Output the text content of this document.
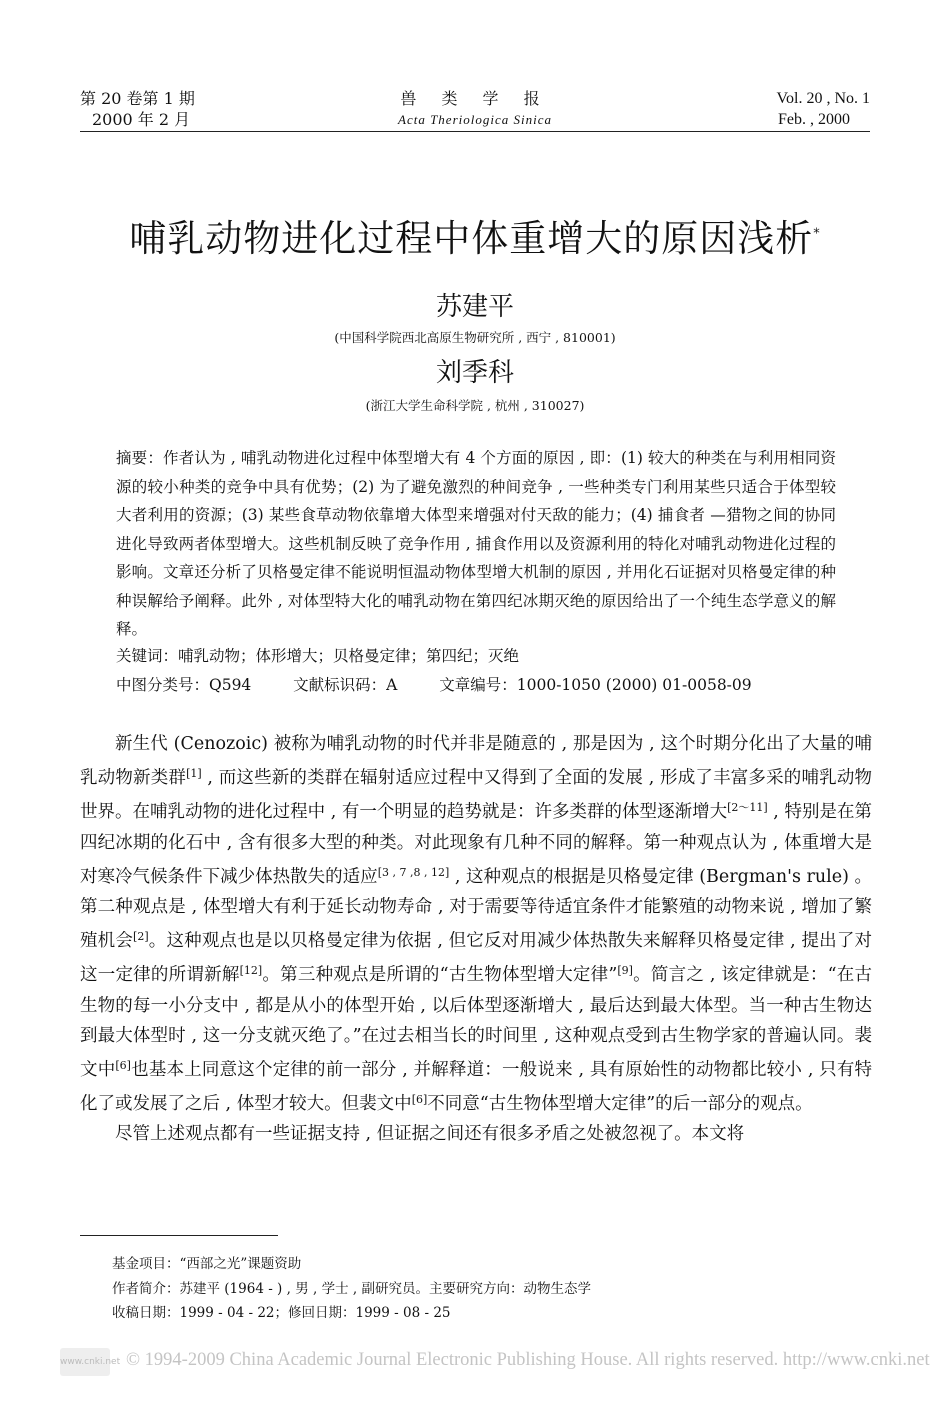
第 20 卷第 1 期
2000 年 2 月
兽 类 学 报
Acta Theriologica Sinica
Vol. 20 , No. 1
Feb. , 2000
哺乳动物进化过程中体重增大的原因浅析*
苏建平
(中国科学院西北高原生物研究所 , 西宁 , 810001)
刘季科
(浙江大学生命科学院 , 杭州 , 310027)

摘要：作者认为 , 哺乳动物进化过程中体型增大有 4 个方面的原因 , 即：(1) 较大的种类在与利用相同资源的较小种类的竞争中具有优势；(2) 为了避免激烈的种间竞争 , 一些种类专门利用某些只适合于体型较大者利用的资源；(3) 某些食草动物依靠增大体型来增强对付天敌的能力；(4) 捕食者 —猎物之间的协同进化导致两者体型增大。这些机制反映了竞争作用 , 捕食作用以及资源利用的特化对哺乳动物进化过程的影响。文章还分析了贝格曼定律不能说明恒温动物体型增大机制的原因 , 并用化石证据对贝格曼定律的种种误解给予阐释。此外 , 对体型特大化的哺乳动物在第四纪冰期灭绝的原因给出了一个纯生态学意义的解释。

关键词：哺乳动物；体形增大；贝格曼定律；第四纪；灭绝
中图分类号：Q594	文献标识码：A	文章编号：1000-1050 (2000) 01-0058-09

新生代 (Cenozoic) 被称为哺乳动物的时代并非是随意的 , 那是因为 , 这个时期分化出了大量的哺乳动物新类群[1] , 而这些新的类群在辐射适应过程中又得到了全面的发展 , 形成了丰富多采的哺乳动物世界。在哺乳动物的进化过程中 , 有一个明显的趋势就是：许多类群的体型逐渐增大[2～11] , 特别是在第四纪冰期的化石中 , 含有很多大型的种类。对此现象有几种不同的解释。第一种观点认为 , 体重增大是对寒冷气候条件下减少体热散失的适应[3 , 7 ,8 , 12] , 这种观点的根据是贝格曼定律 (Bergman's rule) 。第二种观点是 , 体型增大有利于延长动物寿命 , 对于需要等待适宜条件才能繁殖的动物来说 , 增加了繁殖机会[2]。这种观点也是以贝格曼定律为依据 , 但它反对用减少体热散失来解释贝格曼定律 , 提出了对这一定律的所谓新解[12]。第三种观点是所谓的“古生物体型增大定律”[9]。简言之 , 该定律就是：“在古生物的每一小分支中 , 都是从小的体型开始 , 以后体型逐渐增大 , 最后达到最大体型。当一种古生物达到最大体型时 , 这一分支就灭绝了。”在过去相当长的时间里 , 这种观点受到古生物学家的普遍认同。裴文中[6]也基本上同意这个定律的前一部分 , 并解释道：一般说来 , 具有原始性的动物都比较小 , 只有特化了或发展了之后 , 体型才较大。但裴文中[6]不同意“古生物体型增大定律”的后一部分的观点。

尽管上述观点都有一些证据支持 , 但证据之间还有很多矛盾之处被忽视了。本文将

基金项目：“西部之光”课题资助
作者简介：苏建平 (1964 - ) , 男 , 学士 , 副研究员。主要研究方向：动物生态学
收稿日期：1999 - 04 - 22；修回日期：1999 - 08 - 25
www.cnki.net © 1994-2009 China Academic Journal Electronic Publishing House. All rights reserved. http://www.cnki.net
